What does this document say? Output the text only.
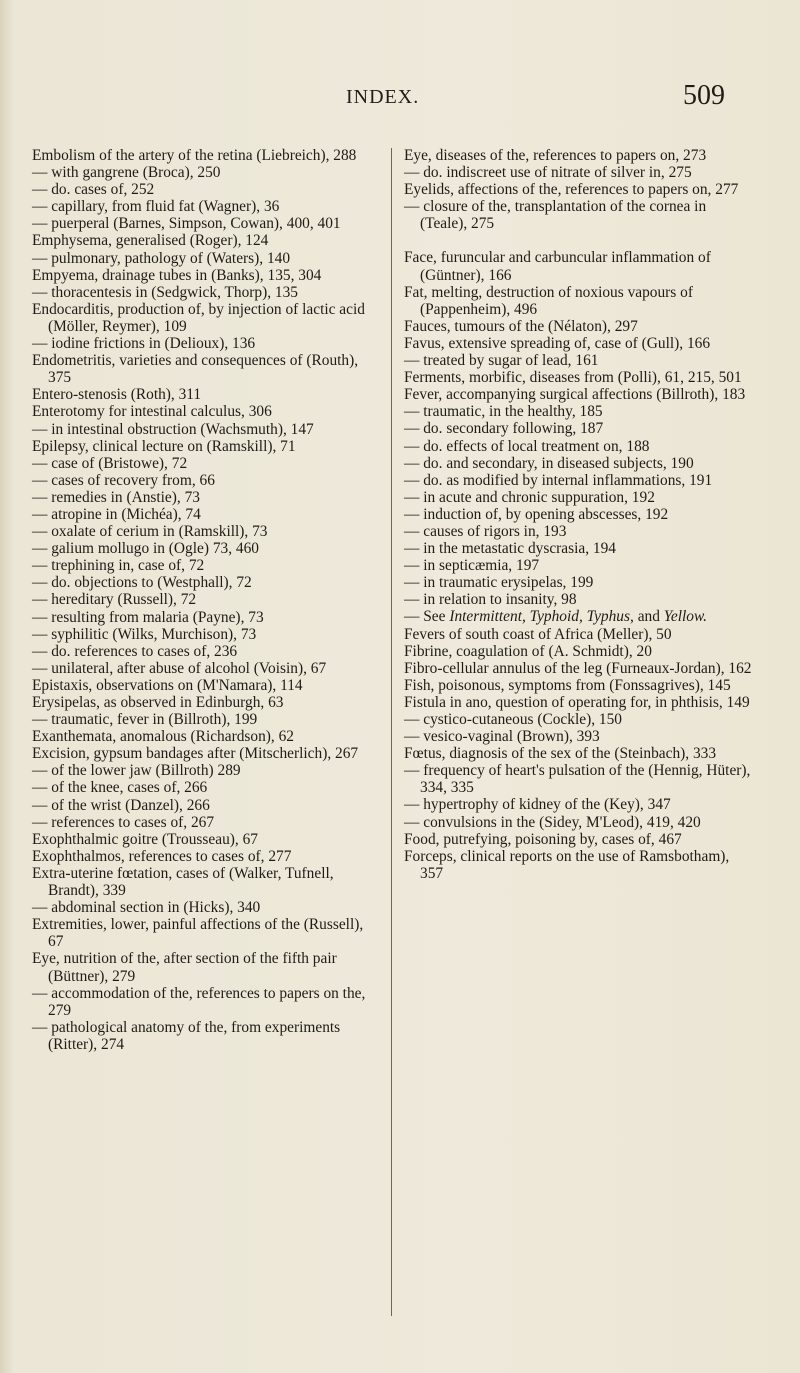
INDEX.	509

Embolism of the artery of the retina (Liebreich), 288

— with gangrene (Broca), 250

— do. cases of, 252

— capillary, from fluid fat (Wagner), 36

— puerperal (Barnes, Simpson, Cowan), 400, 401

Emphysema, generalised (Roger), 124

— pulmonary, pathology of (Waters), 140

Empyema, drainage tubes in (Banks), 135, 304

— thoracentesis in (Sedgwick, Thorp), 135

Endocarditis, production of, by injection of lactic acid (Möller, Reymer), 109

— iodine frictions in (Delioux), 136

Endometritis, varieties and consequences of (Routh), 375

Entero-stenosis (Roth), 311

Enterotomy for intestinal calculus, 306

— in intestinal obstruction (Wachsmuth), 147

Epilepsy, clinical lecture on (Ramskill), 71

— case of (Bristowe), 72

— cases of recovery from, 66

— remedies in (Anstie), 73

— atropine in (Michéa), 74

— oxalate of cerium in (Ramskill), 73

— galium mollugo in (Ogle) 73, 460

— trephining in, case of, 72

— do. objections to (Westphall), 72

— hereditary (Russell), 72

— resulting from malaria (Payne), 73

— syphilitic (Wilks, Murchison), 73

— do. references to cases of, 236

— unilateral, after abuse of alcohol (Voisin), 67

Epistaxis, observations on (M'Namara), 114

Erysipelas, as observed in Edinburgh, 63

— traumatic, fever in (Billroth), 199

Exanthemata, anomalous (Richardson), 62

Excision, gypsum bandages after (Mitscherlich), 267

— of the lower jaw (Billroth) 289

— of the knee, cases of, 266

— of the wrist (Danzel), 266

— references to cases of, 267

Exophthalmic goitre (Trousseau), 67

Exophthalmos, references to cases of, 277

Extra-uterine fœtation, cases of (Walker, Tufnell, Brandt), 339

— abdominal section in (Hicks), 340

Extremities, lower, painful affections of the (Russell), 67

Eye, nutrition of the, after section of the fifth pair (Büttner), 279

— accommodation of the, references to papers on the, 279

— pathological anatomy of the, from experiments (Ritter), 274

Eye, diseases of the, references to papers on, 273

— do. indiscreet use of nitrate of silver in, 275

Eyelids, affections of the, references to papers on, 277

— closure of the, transplantation of the cornea in (Teale), 275

Face, furuncular and carbuncular inflammation of (Güntner), 166

Fat, melting, destruction of noxious vapours of (Pappenheim), 496

Fauces, tumours of the (Nélaton), 297

Favus, extensive spreading of, case of (Gull), 166

— treated by sugar of lead, 161

Ferments, morbific, diseases from (Polli), 61, 215, 501

Fever, accompanying surgical affections (Billroth), 183

— traumatic, in the healthy, 185

— do. secondary following, 187

— do. effects of local treatment on, 188

— do. and secondary, in diseased subjects, 190

— do. as modified by internal inflammations, 191

— in acute and chronic suppuration, 192

— induction of, by opening abscesses, 192

— causes of rigors in, 193

— in the metastatic dyscrasia, 194

— in septicæmia, 197

— in traumatic erysipelas, 199

— in relation to insanity, 98

— See Intermittent, Typhoid, Typhus, and Yellow.

Fevers of south coast of Africa (Meller), 50

Fibrine, coagulation of (A. Schmidt), 20

Fibro-cellular annulus of the leg (Furneaux-Jordan), 162

Fish, poisonous, symptoms from (Fonssagrives), 145

Fistula in ano, question of operating for, in phthisis, 149

— cystico-cutaneous (Cockle), 150

— vesico-vaginal (Brown), 393

Fœtus, diagnosis of the sex of the (Steinbach), 333

— frequency of heart's pulsation of the (Hennig, Hüter), 334, 335

— hypertrophy of kidney of the (Key), 347

— convulsions in the (Sidey, M'Leod), 419, 420

Food, putrefying, poisoning by, cases of, 467

Forceps, clinical reports on the use of Ramsbotham), 357
